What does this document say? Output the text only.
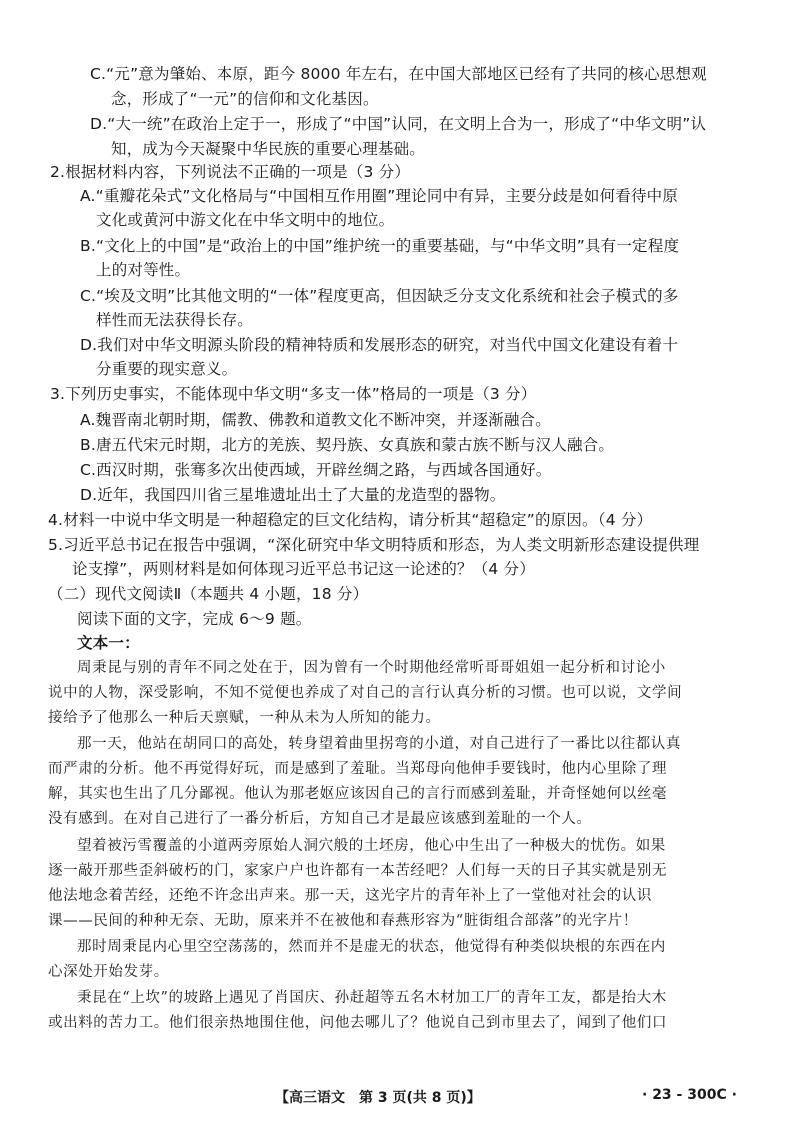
C.“元”意为肇始、本原，距今 8000 年左右，在中国大部地区已经有了共同的核心思想观
念，形成了“一元”的信仰和文化基因。
D.“大一统”在政治上定于一，形成了“中国”认同，在文明上合为一，形成了“中华文明”认
知，成为今天凝聚中华民族的重要心理基础。
2.根据材料内容，下列说法不正确的一项是（3 分）
A.“重瓣花朵式”文化格局与“中国相互作用圈”理论同中有异，主要分歧是如何看待中原
文化或黄河中游文化在中华文明中的地位。
B.“文化上的中国”是“政治上的中国”维护统一的重要基础，与“中华文明”具有一定程度
上的对等性。
C.“埃及文明”比其他文明的“一体”程度更高，但因缺乏分支文化系统和社会子模式的多
样性而无法获得长存。
D.我们对中华文明源头阶段的精神特质和发展形态的研究，对当代中国文化建设有着十
分重要的现实意义。
3.下列历史事实，不能体现中华文明“多支一体”格局的一项是（3 分）
A.魏晋南北朝时期，儒教、佛教和道教文化不断冲突，并逐渐融合。
B.唐五代宋元时期，北方的羌族、契丹族、女真族和蒙古族不断与汉人融合。
C.西汉时期，张骞多次出使西域，开辟丝绸之路，与西域各国通好。
D.近年，我国四川省三星堆遗址出土了大量的龙造型的器物。
4.材料一中说中华文明是一种超稳定的巨文化结构，请分析其“超稳定”的原因。（4 分）
5.习近平总书记在报告中强调，“深化研究中华文明特质和形态，为人类文明新形态建设提供理
论支撑”，两则材料是如何体现习近平总书记这一论述的？（4 分）
（二）现代文阅读Ⅱ（本题共 4 小题，18 分）
阅读下面的文字，完成 6～9 题。
文本一：
周秉昆与别的青年不同之处在于，因为曾有一个时期他经常听哥哥姐姐一起分析和讨论小
说中的人物，深受影响，不知不觉便也养成了对自己的言行认真分析的习惯。也可以说，文学间
接给予了他那么一种后天禀赋，一种从未为人所知的能力。
那一天，他站在胡同口的高处，转身望着曲里拐弯的小道，对自己进行了一番比以往都认真
而严肃的分析。他不再觉得好玩，而是感到了羞耻。当郑母向他伸手要钱时，他内心里除了理
解，其实也生出了几分鄙视。他认为那老妪应该因自己的言行而感到羞耻，并奇怪她何以丝毫
没有感到。在对自己进行了一番分析后，方知自己才是最应该感到羞耻的一个人。
望着被污雪覆盖的小道两旁原始人洞穴般的土坯房，他心中生出了一种极大的忧伤。如果
逐一敲开那些歪斜破朽的门，家家户户也许都有一本苦经吧？人们每一天的日子其实就是别无
他法地念着苦经，还绝不许念出声来。那一天，这光字片的青年补上了一堂他对社会的认识
课——民间的种种无奈、无助，原来并不在被他和春燕形容为“脏街组合部落”的光字片！
那时周秉昆内心里空空荡荡的，然而并不是虚无的状态，他觉得有种类似块根的东西在内
心深处开始发芽。
秉昆在“上坎”的坡路上遇见了肖国庆、孙赶超等五名木材加工厂的青年工友，都是抬大木
或出料的苦力工。他们很亲热地围住他，问他去哪儿了？他说自己到市里去了，闻到了他们口
【高三语文　第 3 页(共 8 页)】	· 23 - 300C ·
